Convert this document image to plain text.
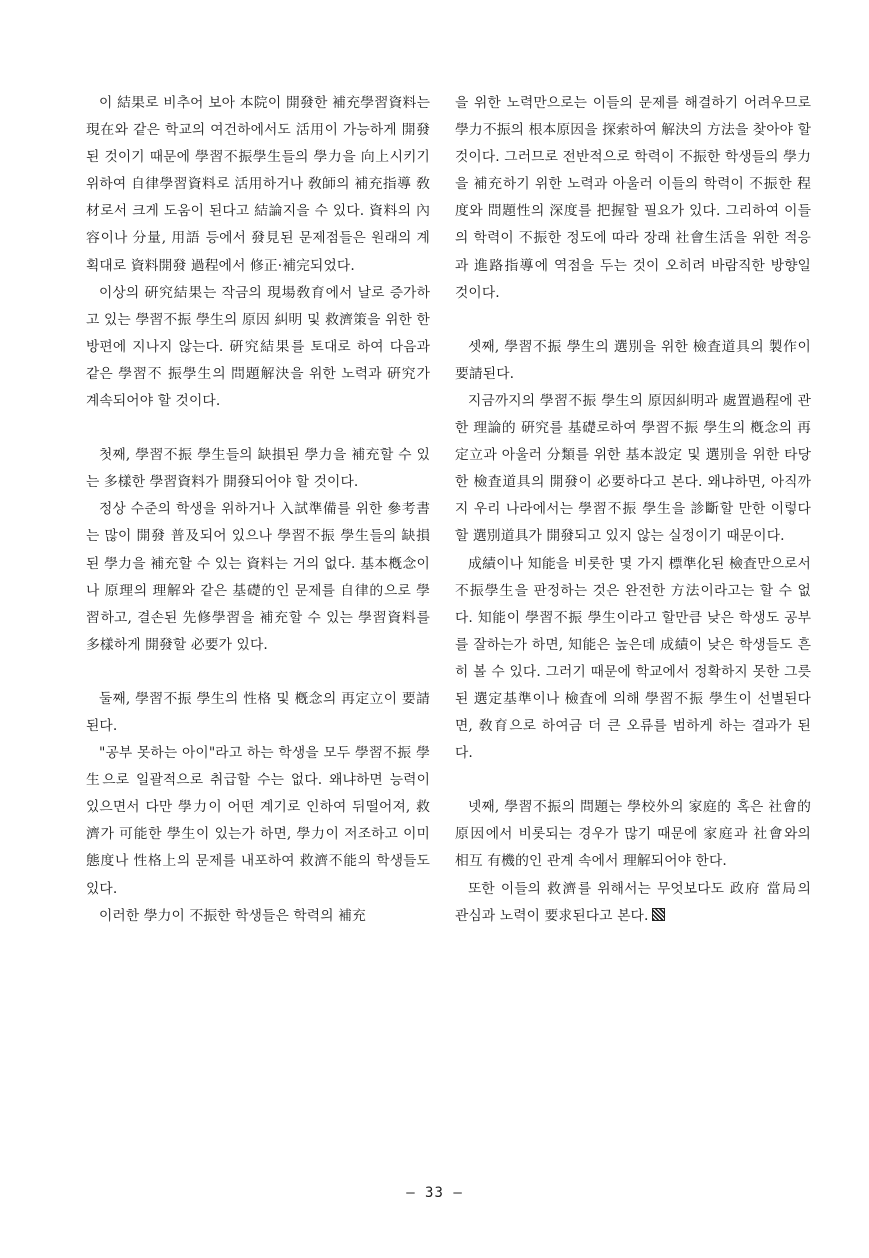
이 結果로 비추어 보아 本院이 開發한 補充學習資料는 現在와 같은 학교의 여건하에서도 活用이 가능하게 開發된 것이기 때문에 學習不振學生들의 學力을 向上시키기 위하여 自律學習資料로 活用하거나 敎師의 補充指導 敎材로서 크게 도움이 된다고 結論지을 수 있다. 資料의 內容이나 分量, 用語 등에서 發見된 문제점들은 원래의 계획대로 資料開發 過程에서 修正·補完되었다.

이상의 硏究結果는 작금의 現場敎育에서 날로 증가하고 있는 學習不振 學生의 原因 糾明 및 救濟策을 위한 한 방편에 지나지 않는다. 硏究結果를 토대로 하여 다음과 같은 學習不 振學生의 問題解決을 위한 노력과 硏究가 계속되어야 할 것이다.

첫째, 學習不振 學生들의 缺損된 學力을 補充할 수 있는 多樣한 學習資料가 開發되어야 할 것이다.

정상 수준의 학생을 위하거나 入試準備를 위한 參考書는 많이 開發 普及되어 있으나 學習不振 學生들의 缺損된 學力을 補充할 수 있는 資料는 거의 없다. 基本槪念이나 原理의 理解와 같은 基礎的인 문제를 自律的으로 學習하고, 결손된 先修學習을 補充할 수 있는 學習資料를 多樣하게 開發할 必要가 있다.

둘째, 學習不振 學生의 性格 및 槪念의 再定立이 要請된다.

"공부 못하는 아이"라고 하는 학생을 모두 學習不振 學生으로 일괄적으로 취급할 수는 없다. 왜냐하면 능력이 있으면서 다만 學力이 어떤 계기로 인하여 뒤떨어져, 救濟가 可能한 學生이 있는가 하면, 學力이 저조하고 이미 態度나 性格上의 문제를 내포하여 救濟不能의 학생들도 있다.

이러한 學力이 不振한 학생들은 학력의 補充

을 위한 노력만으로는 이들의 문제를 해결하기 어려우므로 學力不振의 根本原因을 探索하여 解決의 方法을 찾아야 할 것이다. 그러므로 전반적으로 학력이 不振한 학생들의 學力을 補充하기 위한 노력과 아울러 이들의 학력이 不振한 程度와 問題性의 深度를 把握할 필요가 있다. 그리하여 이들의 학력이 不振한 정도에 따라 장래 社會生活을 위한 적응과 進路指導에 역점을 두는 것이 오히려 바람직한 방향일 것이다.

셋째, 學習不振 學生의 選別을 위한 檢査道具의 製作이 要請된다.

지금까지의 學習不振 學生의 原因糾明과 處置過程에 관한 理論的 硏究를 基礎로하여 學習不振 學生의 槪念의 再定立과 아울러 分類를 위한 基本設定 및 選別을 위한 타당한 檢査道具의 開發이 必要하다고 본다. 왜냐하면, 아직까지 우리 나라에서는 學習不振 學生을 診斷할 만한 이렇다할 選別道具가 開發되고 있지 않는 실정이기 때문이다.

成績이나 知能을 비롯한 몇 가지 標準化된 檢査만으로서 不振學生을 판정하는 것은 완전한 方法이라고는 할 수 없다. 知能이 學習不振 學生이라고 할만큼 낮은 학생도 공부를 잘하는가 하면, 知能은 높은데 成績이 낮은 학생들도 흔히 볼 수 있다. 그러기 때문에 학교에서 정확하지 못한 그릇된 選定基準이나 檢査에 의해 學習不振 學生이 선별된다면, 敎育으로 하여금 더 큰 오류를 범하게 하는 결과가 된다.

넷째, 學習不振의 問題는 學校外의 家庭的 혹은 社會的 原因에서 비롯되는 경우가 많기 때문에 家庭과 社會와의 相互 有機的인 관계 속에서 理解되어야 한다.

또한 이들의 救濟를 위해서는 무엇보다도 政府 當局의 관심과 노력이 要求된다고 본다.

— 33 —
